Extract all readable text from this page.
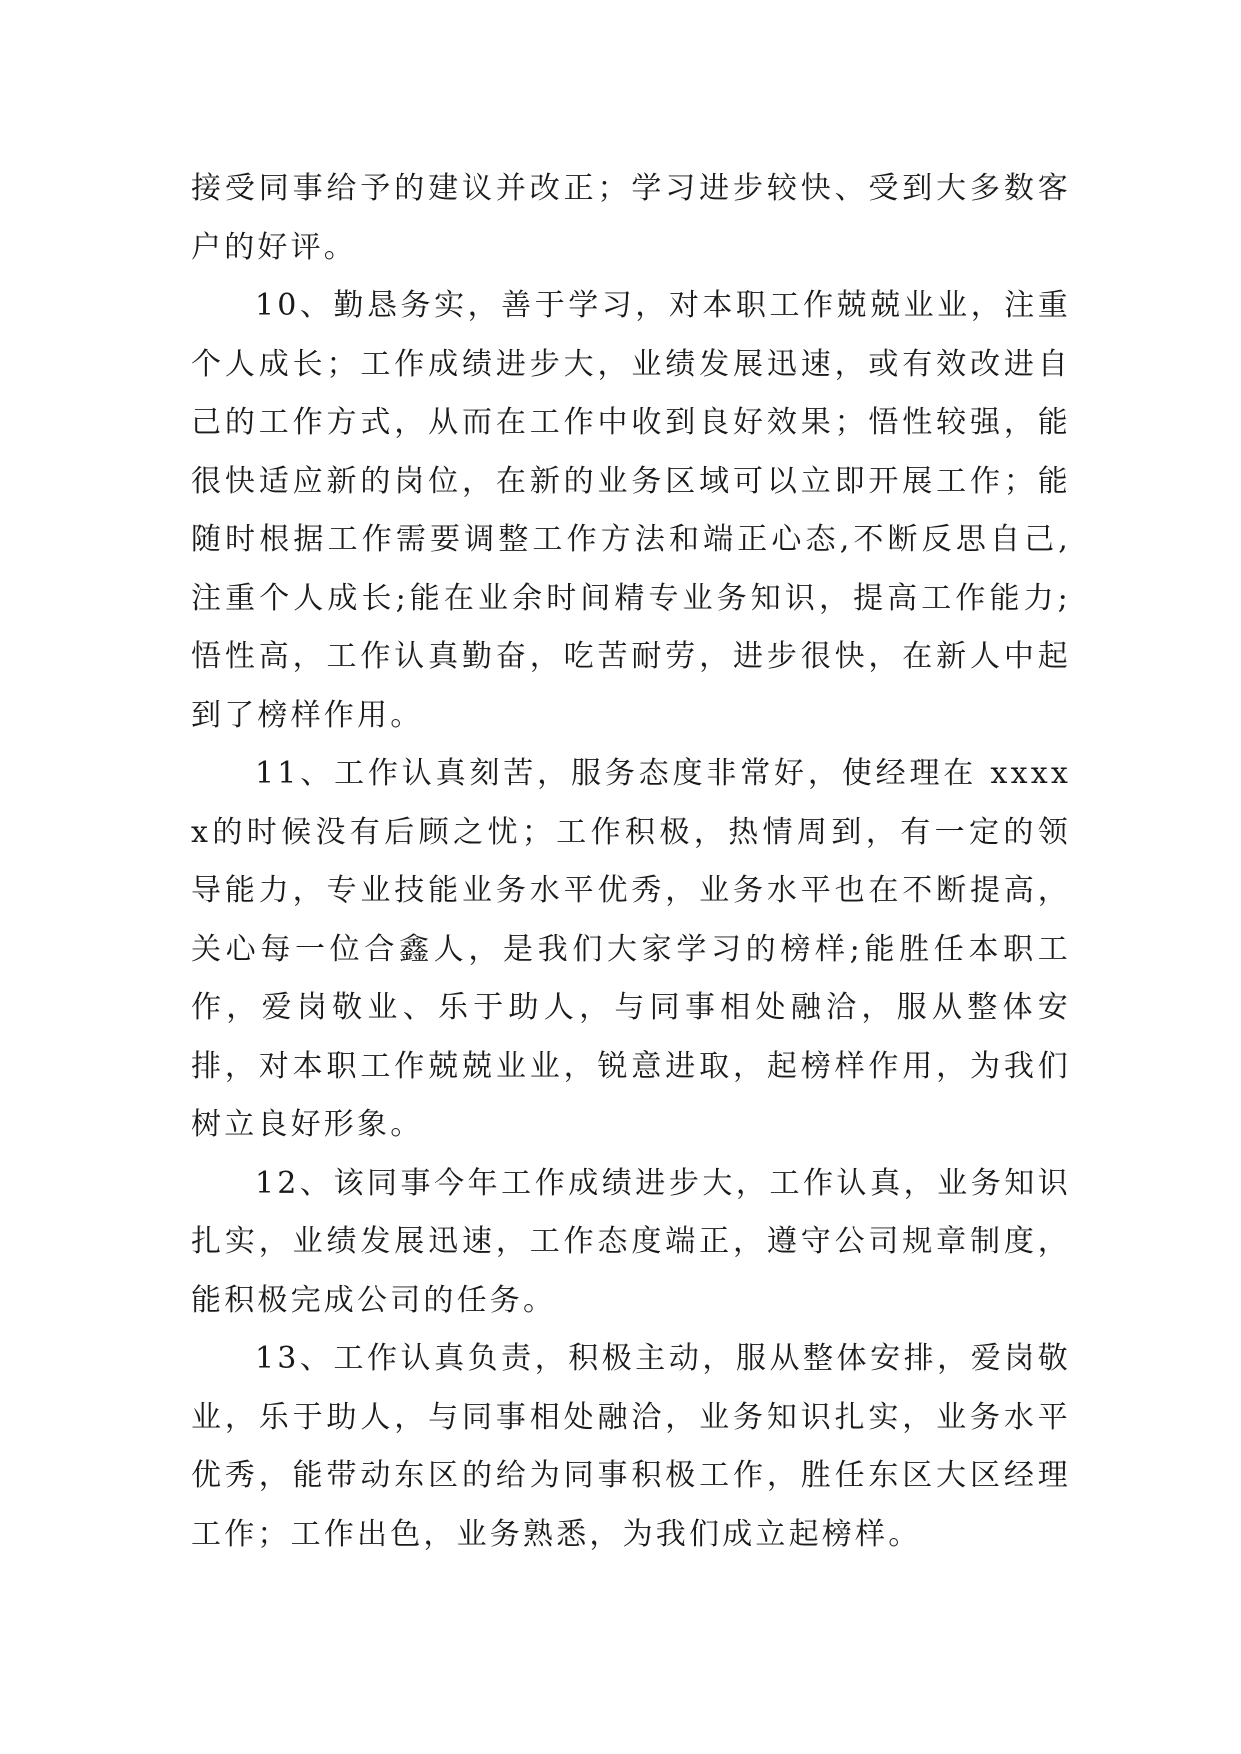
接受同事给予的建议并改正；学习进步较快、受到大多数客户的好评。

10、勤恳务实，善于学习，对本职工作兢兢业业，注重个人成长；工作成绩进步大，业绩发展迅速，或有效改进自己的工作方式，从而在工作中收到良好效果；悟性较强，能很快适应新的岗位，在新的业务区域可以立即开展工作；能随时根据工作需要调整工作方法和端正心态,不断反思自己,注重个人成长;能在业余时间精专业务知识，提高工作能力;悟性高，工作认真勤奋，吃苦耐劳，进步很快，在新人中起到了榜样作用。

11、工作认真刻苦，服务态度非常好，使经理在 xxxxx的时候没有后顾之忧；工作积极，热情周到，有一定的领导能力，专业技能业务水平优秀，业务水平也在不断提高，关心每一位合鑫人，是我们大家学习的榜样;能胜任本职工作，爱岗敬业、乐于助人，与同事相处融洽，服从整体安排，对本职工作兢兢业业，锐意进取，起榜样作用，为我们树立良好形象。

12、该同事今年工作成绩进步大，工作认真，业务知识扎实，业绩发展迅速，工作态度端正，遵守公司规章制度，能积极完成公司的任务。

13、工作认真负责，积极主动，服从整体安排，爱岗敬业，乐于助人，与同事相处融洽，业务知识扎实，业务水平优秀，能带动东区的给为同事积极工作，胜任东区大区经理工作；工作出色，业务熟悉，为我们成立起榜样。
